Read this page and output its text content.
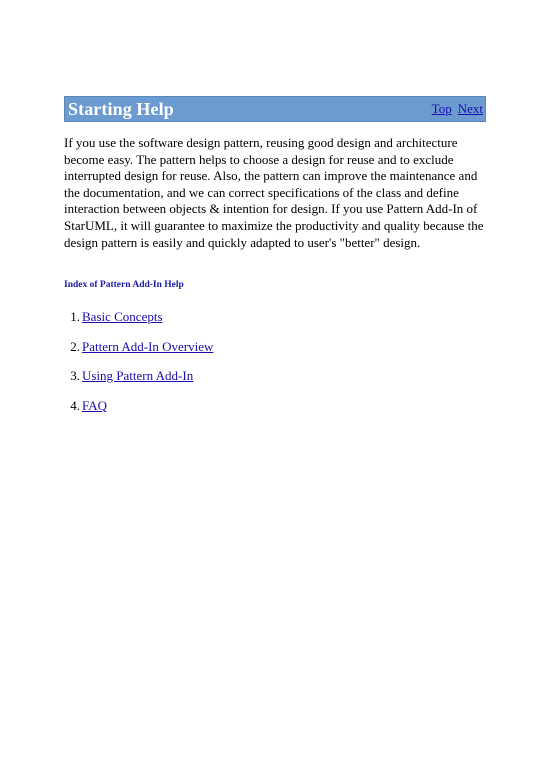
Starting Help	Top Next
If you use the software design pattern, reusing good design and architecture become easy. The pattern helps to choose a design for reuse and to exclude interrupted design for reuse. Also, the pattern can improve the maintenance and the documentation, and we can correct specifications of the class and define interaction between objects & intention for design. If you use Pattern Add-In of StarUML, it will guarantee to maximize the productivity and quality because the design pattern is easily and quickly adapted to user's "better" design.
Index of Pattern Add-In Help
1. Basic Concepts
2. Pattern Add-In Overview
3. Using Pattern Add-In
4. FAQ
